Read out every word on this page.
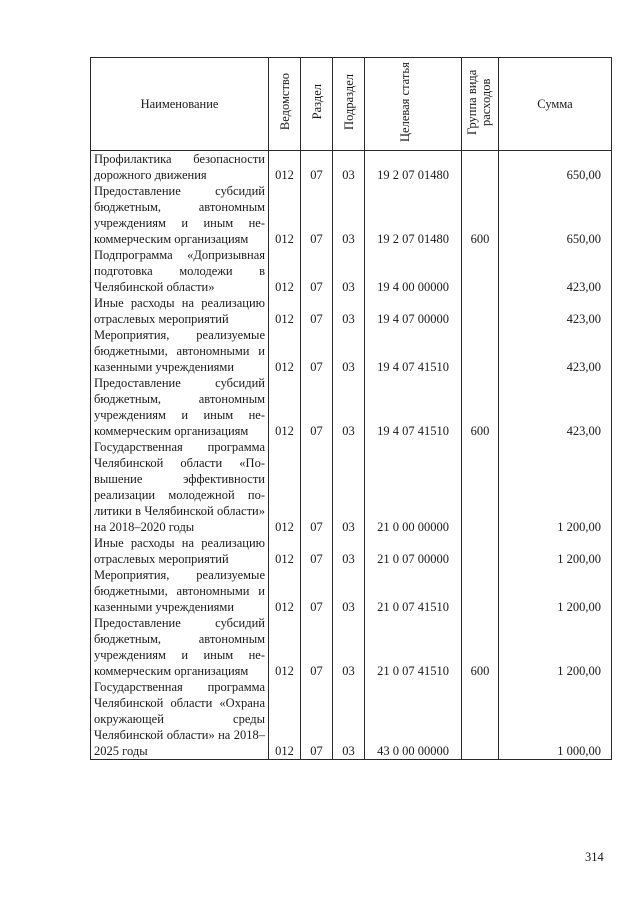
Наименование	Ведомство	Раздел	Подраздел	Целевая статья	Группа вида расходов	Сумма
Профилактика безопасности дорожного движения	012	07	03	19 2 07 01480		650,00
Предоставление субсидий бюджетным, автономным учреждениям и иным некоммерческим организациям	012	07	03	19 2 07 01480	600	650,00
Подпрограмма «Допризывная подготовка молодежи в Челябинской области»	012	07	03	19 4 00 00000		423,00
Иные расходы на реализацию отраслевых мероприятий	012	07	03	19 4 07 00000		423,00
Мероприятия, реализуемые бюджетными, автономными и казенными учреждениями	012	07	03	19 4 07 41510		423,00
Предоставление субсидий бюджетным, автономным учреждениям и иным некоммерческим организациям	012	07	03	19 4 07 41510	600	423,00
Государственная программа Челябинской области «Повышение эффективности реализации молодежной политики в Челябинской области» на 2018–2020 годы	012	07	03	21 0 00 00000		1 200,00
Иные расходы на реализацию отраслевых мероприятий	012	07	03	21 0 07 00000		1 200,00
Мероприятия, реализуемые бюджетными, автономными и казенными учреждениями	012	07	03	21 0 07 41510		1 200,00
Предоставление субсидий бюджетным, автономным учреждениям и иным некоммерческим организациям	012	07	03	21 0 07 41510	600	1 200,00
Государственная программа Челябинской области «Охрана окружающей среды Челябинской области» на 2018–2025 годы	012	07	03	43 0 00 00000		1 000,00
314
